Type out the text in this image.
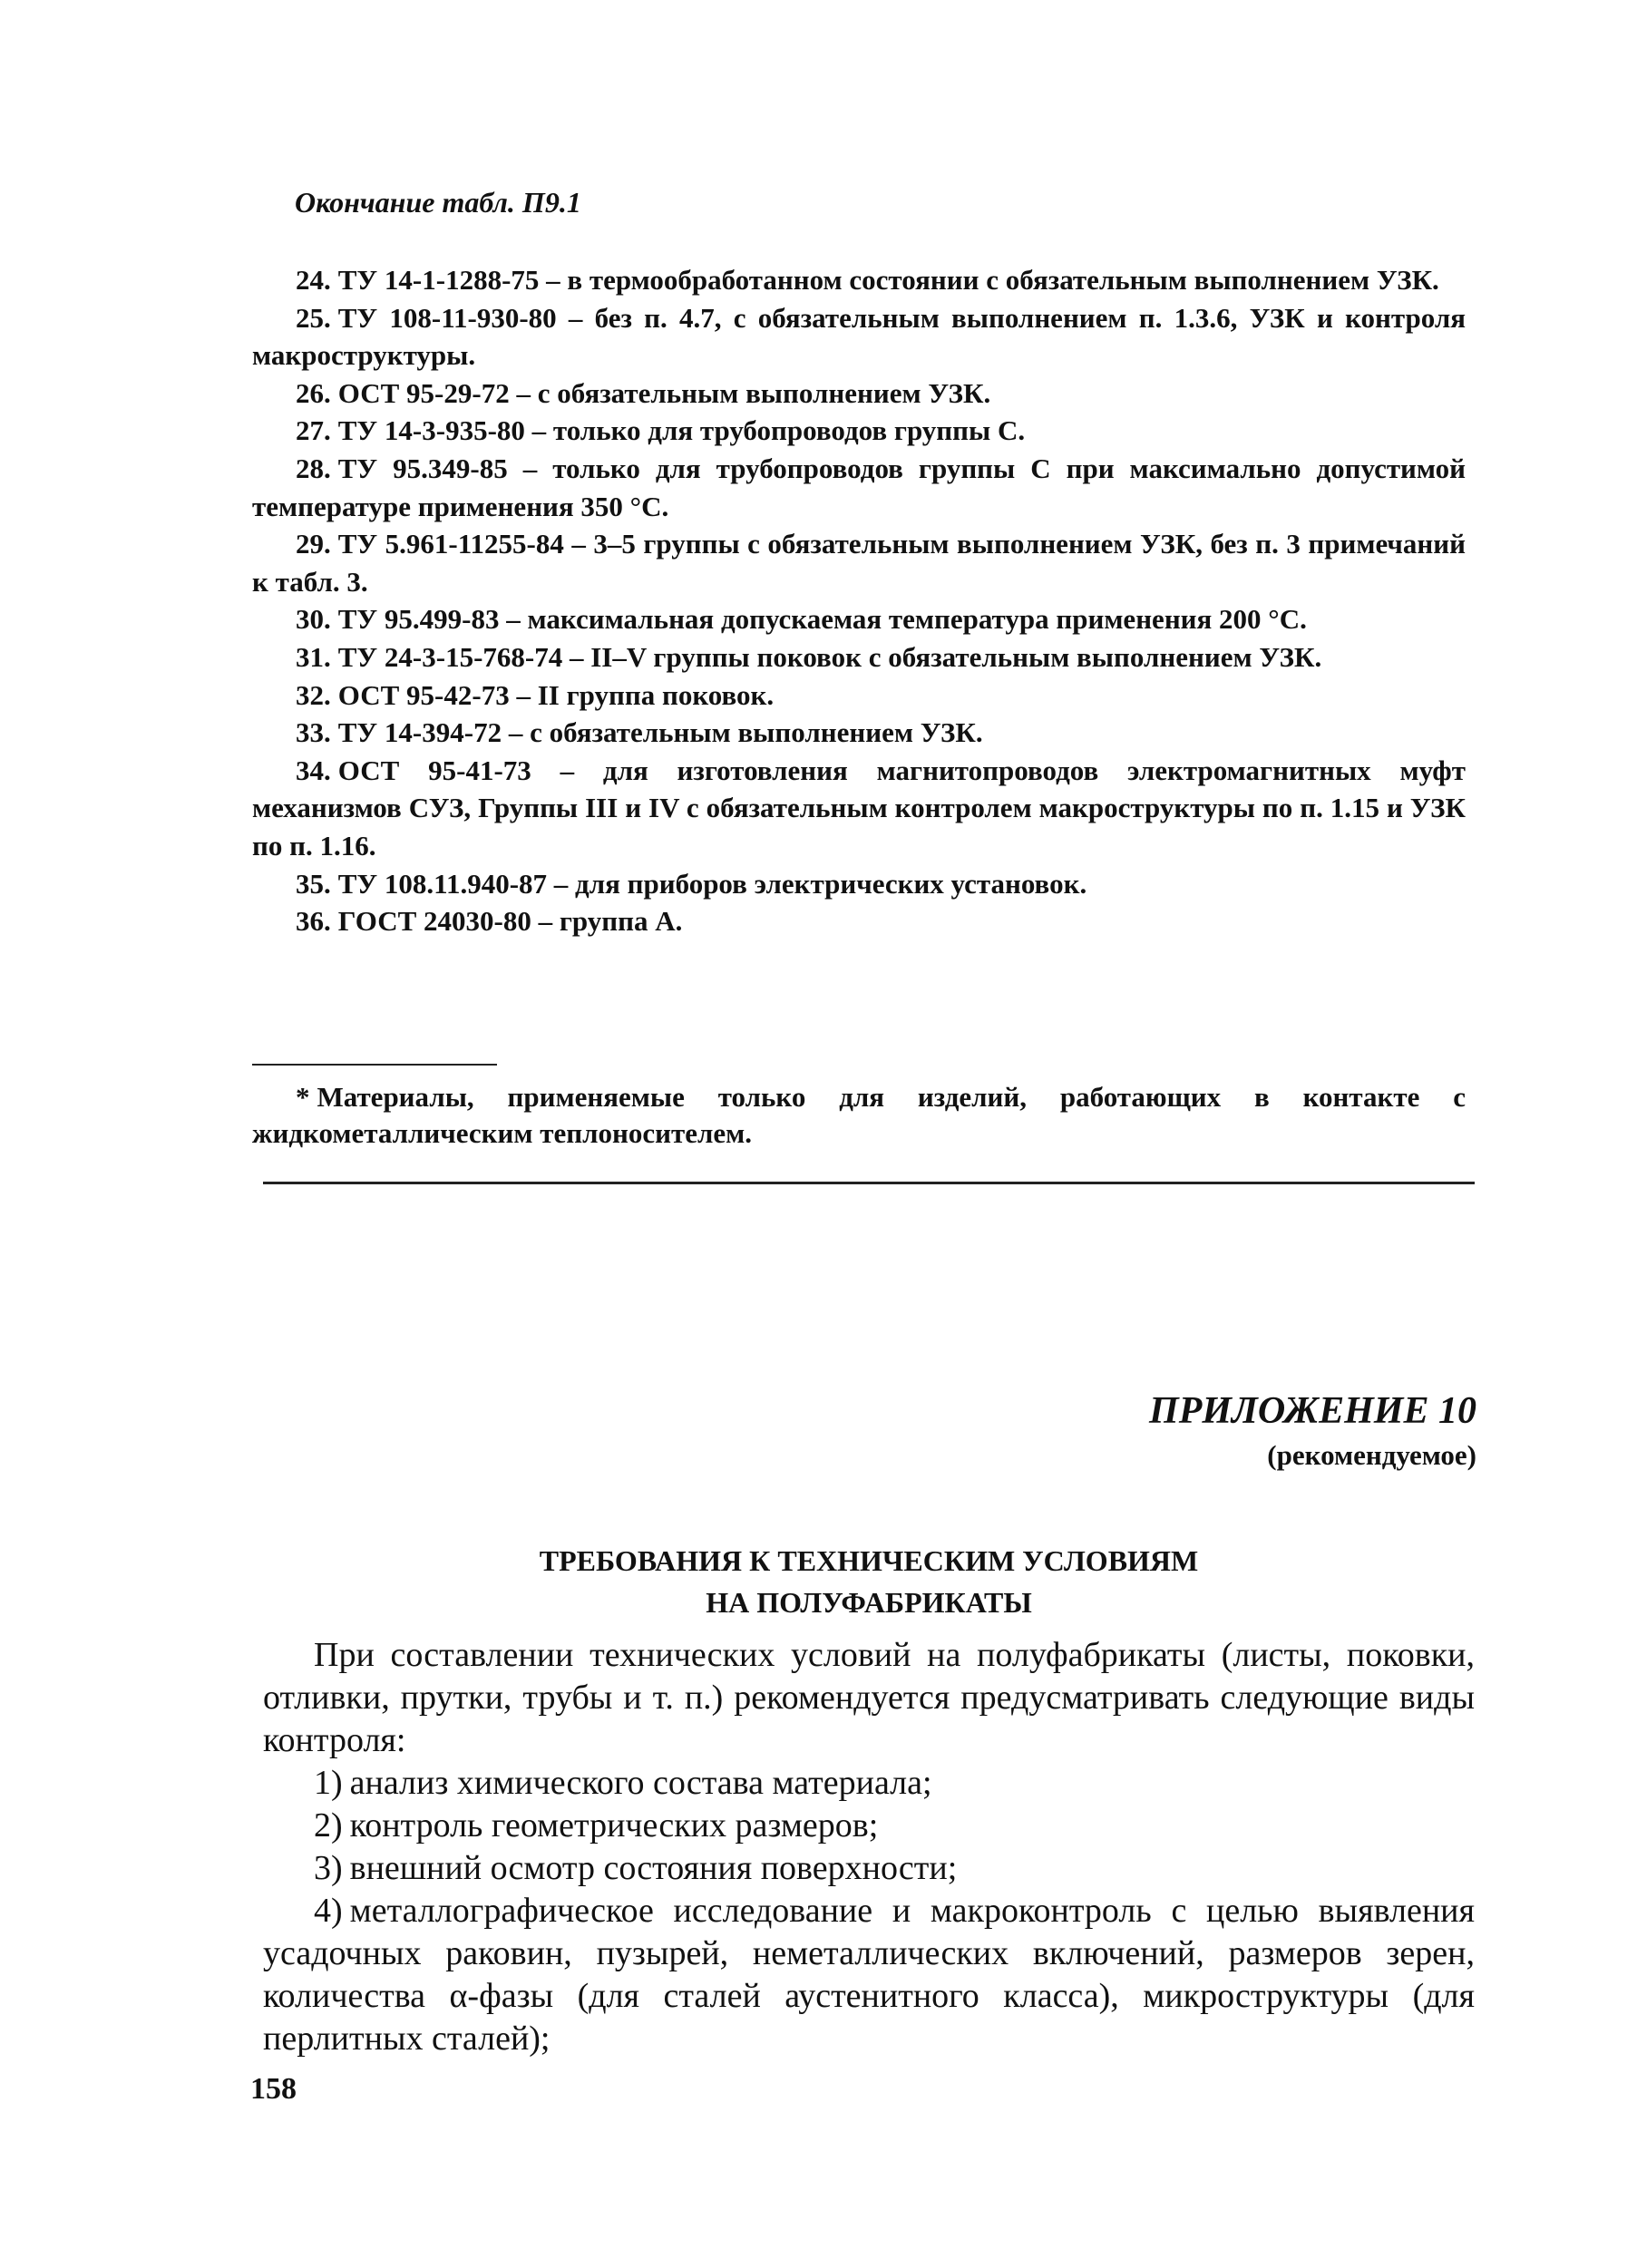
Окончание табл. П9.1
24. ТУ 14-1-1288-75 – в термообработанном состоянии с обязательным выполнением УЗК.
25. ТУ 108-11-930-80 – без п. 4.7, с обязательным выполнением п. 1.3.6, УЗК и контроля макроструктуры.
26. ОСТ 95-29-72 – с обязательным выполнением УЗК.
27. ТУ 14-3-935-80 – только для трубопроводов группы С.
28. ТУ 95.349-85 – только для трубопроводов группы С при максимально допустимой температуре применения 350 °С.
29. ТУ 5.961-11255-84 – 3–5 группы с обязательным выполнением УЗК, без п. 3 примечаний к табл. 3.
30. ТУ 95.499-83 – максимальная допускаемая температура применения 200 °С.
31. ТУ 24-3-15-768-74 – II–V группы поковок с обязательным выполнением УЗК.
32. ОСТ 95-42-73 – II группа поковок.
33. ТУ 14-394-72 – с обязательным выполнением УЗК.
34. ОСТ 95-41-73 – для изготовления магнитопроводов электромагнитных муфт механизмов СУЗ, Группы III и IV с обязательным контролем макроструктуры по п. 1.15 и УЗК по п. 1.16.
35. ТУ 108.11.940-87 – для приборов электрических установок.
36. ГОСТ 24030-80 – группа А.
* Материалы, применяемые только для изделий, работающих в контакте с жидкометаллическим теплоносителем.
ПРИЛОЖЕНИЕ 10
(рекомендуемое)
ТРЕБОВАНИЯ К ТЕХНИЧЕСКИМ УСЛОВИЯМ
НА ПОЛУФАБРИКАТЫ

При составлении технических условий на полуфабрикаты (листы, поковки, отливки, прутки, трубы и т. п.) рекомендуется предусматривать следующие виды контроля:

1) анализ химического состава материала;

2) контроль геометрических размеров;

3) внешний осмотр состояния поверхности;

4) металлографическое исследование и макроконтроль с целью выявления усадочных раковин, пузырей, неметаллических включений, размеров зерен, количества α-фазы (для сталей аустенитного класса), микроструктуры (для перлитных сталей);

158
